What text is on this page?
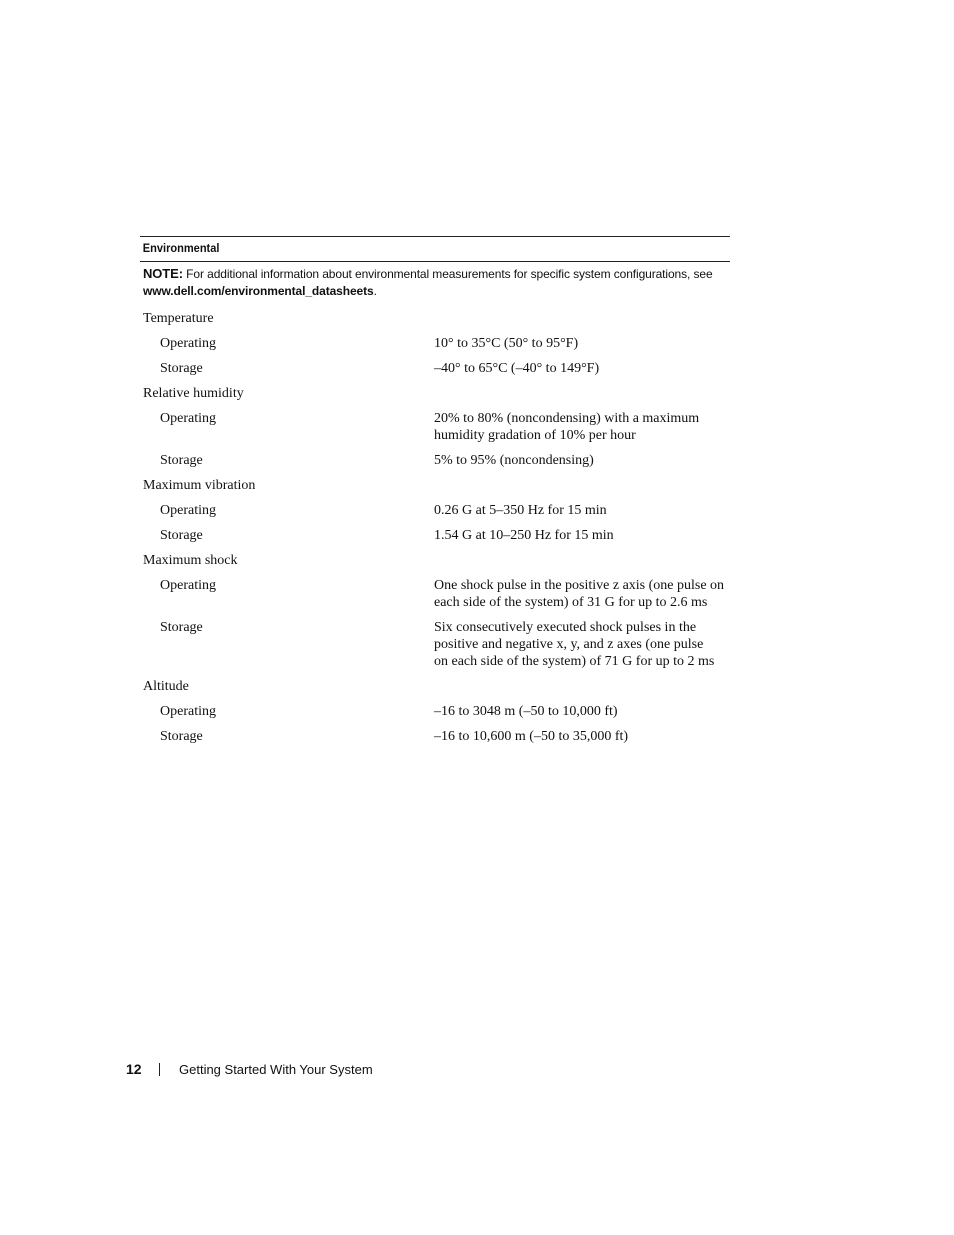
Environmental
NOTE: For additional information about environmental measurements for specific system configurations, see www.dell.com/environmental_datasheets.
Temperature
Operating	10° to 35°C (50° to 95°F)
Storage	–40° to 65°C (–40° to 149°F)
Relative humidity
Operating	20% to 80% (noncondensing) with a maximum
humidity gradation of 10% per hour
Storage	5% to 95% (noncondensing)
Maximum vibration
Operating	0.26 G at 5–350 Hz for 15 min
Storage	1.54 G at 10–250 Hz for 15 min
Maximum shock
Operating	One shock pulse in the positive z axis (one pulse on
each side of the system) of 31 G for up to 2.6 ms
Storage	Six consecutively executed shock pulses in the
positive and negative x, y, and z axes (one pulse
on each side of the system) of 71 G for up to 2 ms
Altitude
Operating	–16 to 3048 m (–50 to 10,000 ft)
Storage	–16 to 10,600 m (–50 to 35,000 ft)
12	Getting Started With Your System
